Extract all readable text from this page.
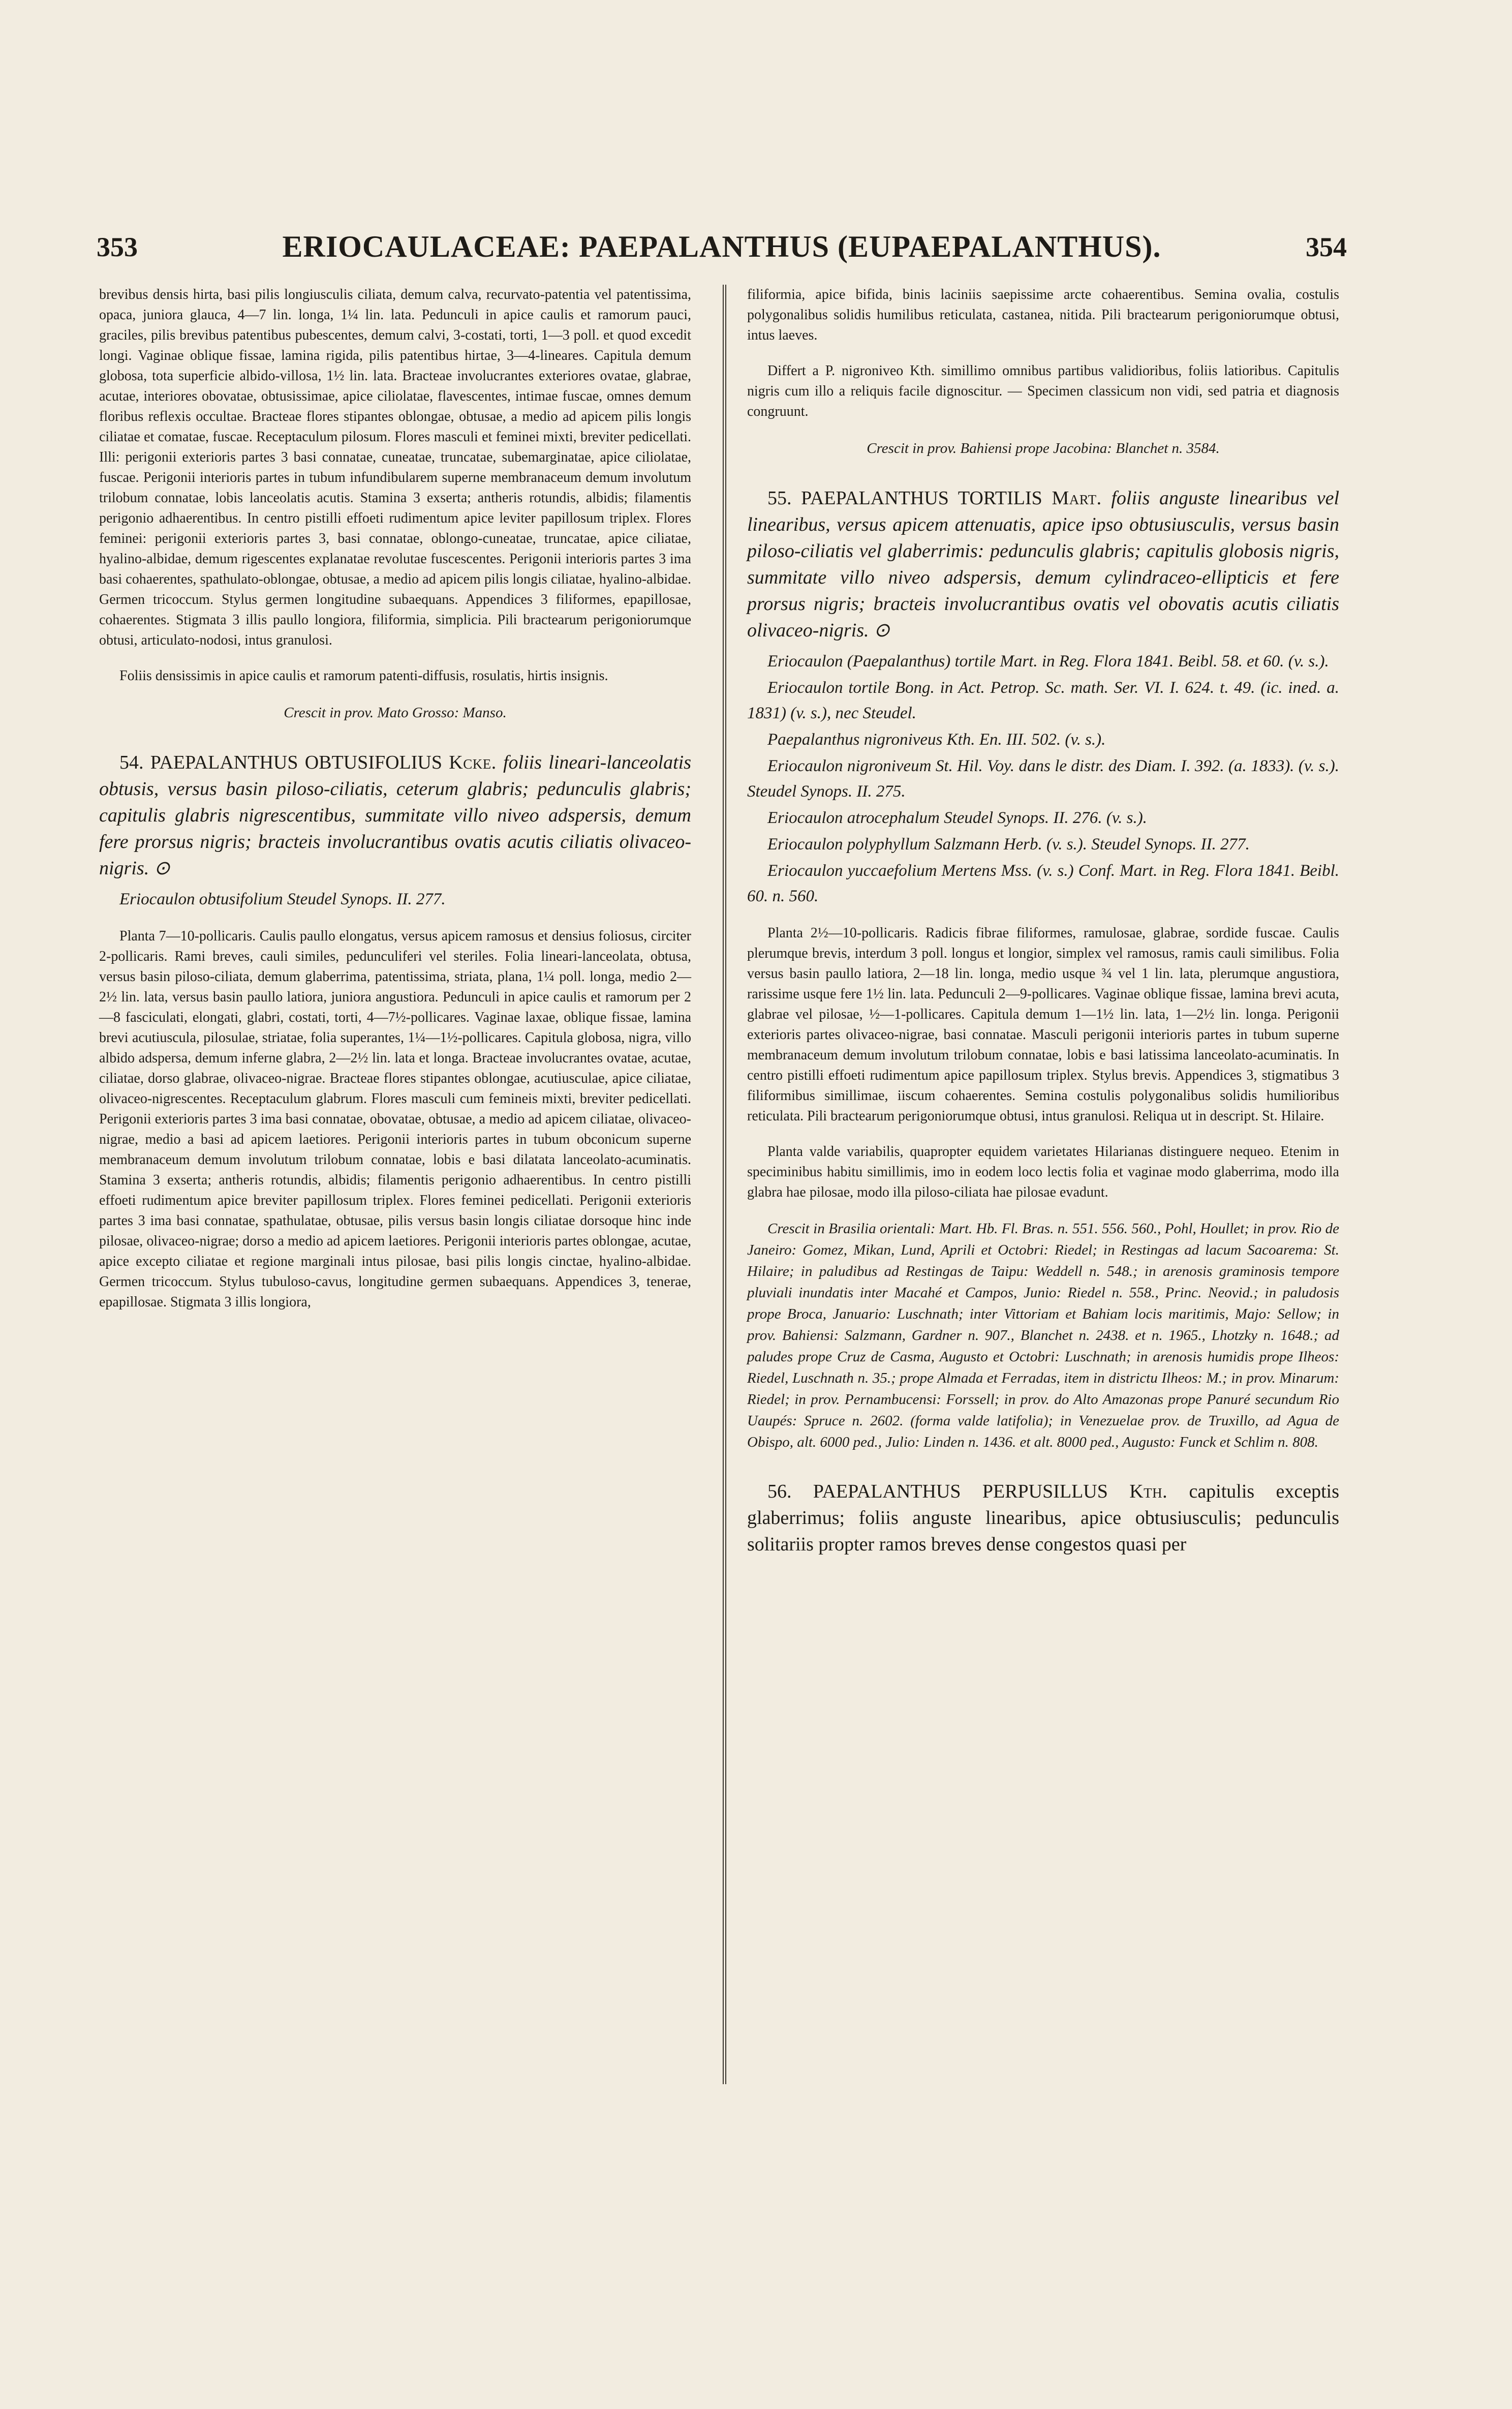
353	ERIOCAULACEAE: PAEPALANTHUS (EUPAEPALANTHUS).	354

brevibus densis hirta, basi pilis longiusculis ciliata, demum calva, recurvato-patentia vel patentissima, opaca, juniora glauca, 4—7 lin. longa, 1¼ lin. lata. Pedunculi in apice caulis et ramorum pauci, graciles, pilis brevibus patentibus pubescentes, demum calvi, 3-costati, torti, 1—3 poll. et quod excedit longi. Vaginae oblique fissae, lamina rigida, pilis patentibus hirtae, 3—4-lineares. Capitula demum globosa, tota superficie albido-villosa, 1½ lin. lata. Bracteae involucrantes exteriores ovatae, glabrae, acutae, interiores obovatae, obtusissimae, apice ciliolatae, flavescentes, intimae fuscae, omnes demum floribus reflexis occultae. Bracteae flores stipantes oblongae, obtusae, a medio ad apicem pilis longis ciliatae et comatae, fuscae. Receptaculum pilosum. Flores masculi et feminei mixti, breviter pedicellati. Illi: perigonii exterioris partes 3 basi connatae, cuneatae, truncatae, subemarginatae, apice ciliolatae, fuscae. Perigonii interioris partes in tubum infundibularem superne membranaceum demum involutum trilobum connatae, lobis lanceolatis acutis. Stamina 3 exserta; antheris rotundis, albidis; filamentis perigonio adhaerentibus. In centro pistilli effoeti rudimentum apice leviter papillosum triplex. Flores feminei: perigonii exterioris partes 3, basi connatae, oblongo-cuneatae, truncatae, apice ciliatae, hyalino-albidae, demum rigescentes explanatae revolutae fuscescentes. Perigonii interioris partes 3 ima basi cohaerentes, spathulato-oblongae, obtusae, a medio ad apicem pilis longis ciliatae, hyalino-albidae. Germen tricoccum. Stylus germen longitudine subaequans. Appendices 3 filiformes, epapillosae, cohaerentes. Stigmata 3 illis paullo longiora, filiformia, simplicia. Pili bractearum perigoniorumque obtusi, articulato-nodosi, intus granulosi.

Foliis densissimis in apice caulis et ramorum patenti-diffusis, rosulatis, hirtis insignis.

Crescit in prov. Mato Grosso: Manso.

54. PAEPALANTHUS OBTUSIFOLIUS Kcke. foliis lineari-lanceolatis obtusis, versus basin piloso-ciliatis, ceterum glabris; pedunculis glabris; capitulis glabris nigrescentibus, summitate villo niveo adspersis, demum fere prorsus nigris; bracteis involucrantibus ovatis acutis ciliatis olivaceo-nigris. ⊙

Eriocaulon obtusifolium Steudel Synops. II. 277.

Planta 7—10-pollicaris. Caulis paullo elongatus, versus apicem ramosus et densius foliosus, circiter 2-pollicaris. Rami breves, cauli similes, pedunculiferi vel steriles. Folia lineari-lanceolata, obtusa, versus basin piloso-ciliata, demum glaberrima, patentissima, striata, plana, 1¼ poll. longa, medio 2—2½ lin. lata, versus basin paullo latiora, juniora angustiora. Pedunculi in apice caulis et ramorum per 2—8 fasciculati, elongati, glabri, costati, torti, 4—7½-pollicares. Vaginae laxae, oblique fissae, lamina brevi acutiuscula, pilosulae, striatae, folia superantes, 1¼—1½-pollicares. Capitula globosa, nigra, villo albido adspersa, demum inferne glabra, 2—2½ lin. lata et longa. Bracteae involucrantes ovatae, acutae, ciliatae, dorso glabrae, olivaceo-nigrae. Bracteae flores stipantes oblongae, acutiusculae, apice ciliatae, olivaceo-nigrescentes. Receptaculum glabrum. Flores masculi cum femineis mixti, breviter pedicellati. Perigonii exterioris partes 3 ima basi connatae, obovatae, obtusae, a medio ad apicem ciliatae, olivaceo-nigrae, medio a basi ad apicem laetiores. Perigonii interioris partes in tubum obconicum superne membranaceum demum involutum trilobum connatae, lobis e basi dilatata lanceolato-acuminatis. Stamina 3 exserta; antheris rotundis, albidis; filamentis perigonio adhaerentibus. In centro pistilli effoeti rudimentum apice breviter papillosum triplex. Flores feminei pedicellati. Perigonii exterioris partes 3 ima basi connatae, spathulatae, obtusae, pilis versus basin longis ciliatae dorsoque hinc inde pilosae, olivaceo-nigrae; dorso a medio ad apicem laetiores. Perigonii interioris partes oblongae, acutae, apice excepto ciliatae et regione marginali intus pilosae, basi pilis longis cinctae, hyalino-albidae. Germen tricoccum. Stylus tubuloso-cavus, longitudine germen subaequans. Appendices 3, tenerae, epapillosae. Stigmata 3 illis longiora,

filiformia, apice bifida, binis laciniis saepissime arcte cohaerentibus. Semina ovalia, costulis polygonalibus solidis humilibus reticulata, castanea, nitida. Pili bractearum perigoniorumque obtusi, intus laeves.

Differt a P. nigroniveo Kth. simillimo omnibus partibus validioribus, foliis latioribus. Capitulis nigris cum illo a reliquis facile dignoscitur. — Specimen classicum non vidi, sed patria et diagnosis congruunt.

Crescit in prov. Bahiensi prope Jacobina: Blanchet n. 3584.

55. PAEPALANTHUS TORTILIS Mart. foliis anguste linearibus vel linearibus, versus apicem attenuatis, apice ipso obtusiusculis, versus basin piloso-ciliatis vel glaberrimis: pedunculis glabris; capitulis globosis nigris, summitate villo niveo adspersis, demum cylindraceo-ellipticis et fere prorsus nigris; bracteis involucrantibus ovatis vel obovatis acutis ciliatis olivaceo-nigris. ⊙

Eriocaulon (Paepalanthus) tortile Mart. in Reg. Flora 1841. Beibl. 58. et 60. (v. s.).

Eriocaulon tortile Bong. in Act. Petrop. Sc. math. Ser. VI. I. 624. t. 49. (ic. ined. a. 1831) (v. s.), nec Steudel.

Paepalanthus nigroniveus Kth. En. III. 502. (v. s.).

Eriocaulon nigroniveum St. Hil. Voy. dans le distr. des Diam. I. 392. (a. 1833). (v. s.). Steudel Synops. II. 275.

Eriocaulon atrocephalum Steudel Synops. II. 276. (v. s.).

Eriocaulon polyphyllum Salzmann Herb. (v. s.). Steudel Synops. II. 277.

Eriocaulon yuccaefolium Mertens Mss. (v. s.) Conf. Mart. in Reg. Flora 1841. Beibl. 60. n. 560.

Planta 2½—10-pollicaris. Radicis fibrae filiformes, ramulosae, glabrae, sordide fuscae. Caulis plerumque brevis, interdum 3 poll. longus et longior, simplex vel ramosus, ramis cauli similibus. Folia versus basin paullo latiora, 2—18 lin. longa, medio usque ¾ vel 1 lin. lata, plerumque angustiora, rarissime usque fere 1½ lin. lata. Pedunculi 2—9-pollicares. Vaginae oblique fissae, lamina brevi acuta, glabrae vel pilosae, ½—1-pollicares. Capitula demum 1—1½ lin. lata, 1—2½ lin. longa. Perigonii exterioris partes olivaceo-nigrae, basi connatae. Masculi perigonii interioris partes in tubum superne membranaceum demum involutum trilobum connatae, lobis e basi latissima lanceolato-acuminatis. In centro pistilli effoeti rudimentum apice papillosum triplex. Stylus brevis. Appendices 3, stigmatibus 3 filiformibus simillimae, iiscum cohaerentes. Semina costulis polygonalibus solidis humilioribus reticulata. Pili bractearum perigoniorumque obtusi, intus granulosi. Reliqua ut in descript. St. Hilaire.

Planta valde variabilis, quapropter equidem varietates Hilarianas distinguere nequeo. Etenim in speciminibus habitu simillimis, imo in eodem loco lectis folia et vaginae modo glaberrima, modo illa glabra hae pilosae, modo illa piloso-ciliata hae pilosae evadunt.

Crescit in Brasilia orientali: Mart. Hb. Fl. Bras. n. 551. 556. 560., Pohl, Houllet; in prov. Rio de Janeiro: Gomez, Mikan, Lund, Aprili et Octobri: Riedel; in Restingas ad lacum Sacoarema: St. Hilaire; in paludibus ad Restingas de Taipu: Weddell n. 548.; in arenosis graminosis tempore pluviali inundatis inter Macahé et Campos, Junio: Riedel n. 558., Princ. Neovid.; in paludosis prope Broca, Januario: Luschnath; inter Vittoriam et Bahiam locis maritimis, Majo: Sellow; in prov. Bahiensi: Salzmann, Gardner n. 907., Blanchet n. 2438. et n. 1965., Lhotzky n. 1648.; ad paludes prope Cruz de Casma, Augusto et Octobri: Luschnath; in arenosis humidis prope Ilheos: Riedel, Luschnath n. 35.; prope Almada et Ferradas, item in districtu Ilheos: M.; in prov. Minarum: Riedel; in prov. Pernambucensi: Forssell; in prov. do Alto Amazonas prope Panuré secundum Rio Uaupés: Spruce n. 2602. (forma valde latifolia); in Venezuelae prov. de Truxillo, ad Agua de Obispo, alt. 6000 ped., Julio: Linden n. 1436. et alt. 8000 ped., Augusto: Funck et Schlim n. 808.

56. PAEPALANTHUS PERPUSILLUS Kth. capitulis exceptis glaberrimus; foliis anguste linearibus, apice obtusiusculis; pedunculis solitariis propter ramos breves dense congestos quasi per
